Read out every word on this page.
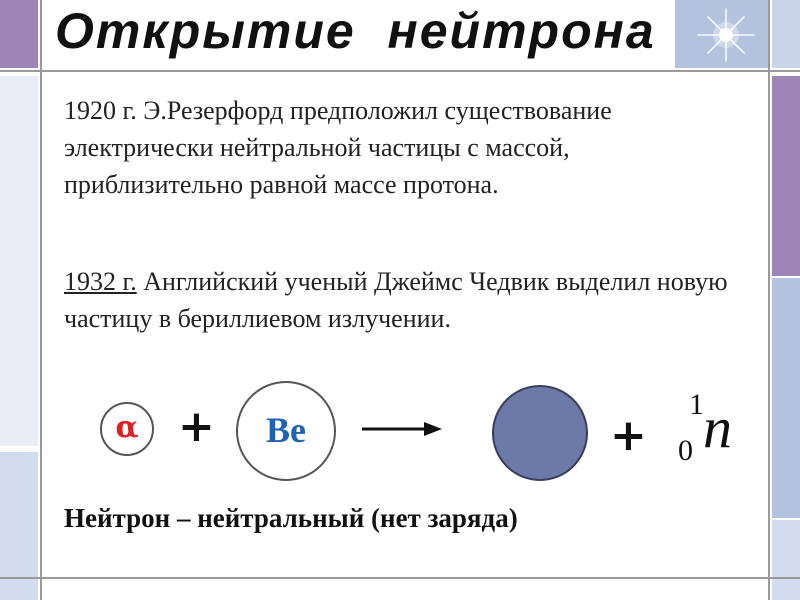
Открытие  нейтрона

1920 г. Э.Резерфорд предположил существование электрически нейтральной частицы с массой, приблизительно равной массе протона.

1932 г. Английский ученый Джеймс Чедвик выделил новую частицу в бериллиевом излучении.

α +	Be	+
1
0 n

Нейтрон – нейтральный (нет заряда)
